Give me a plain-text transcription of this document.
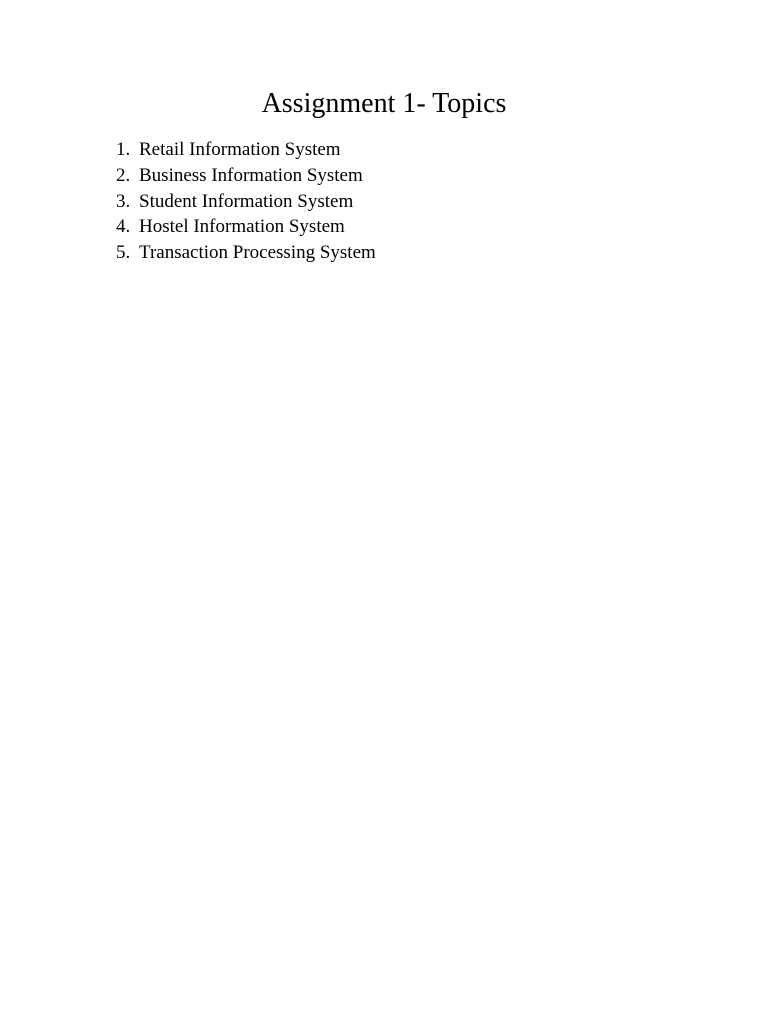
Assignment 1- Topics
1. Retail Information System
2. Business Information System
3. Student Information System
4. Hostel Information System
5. Transaction Processing System
